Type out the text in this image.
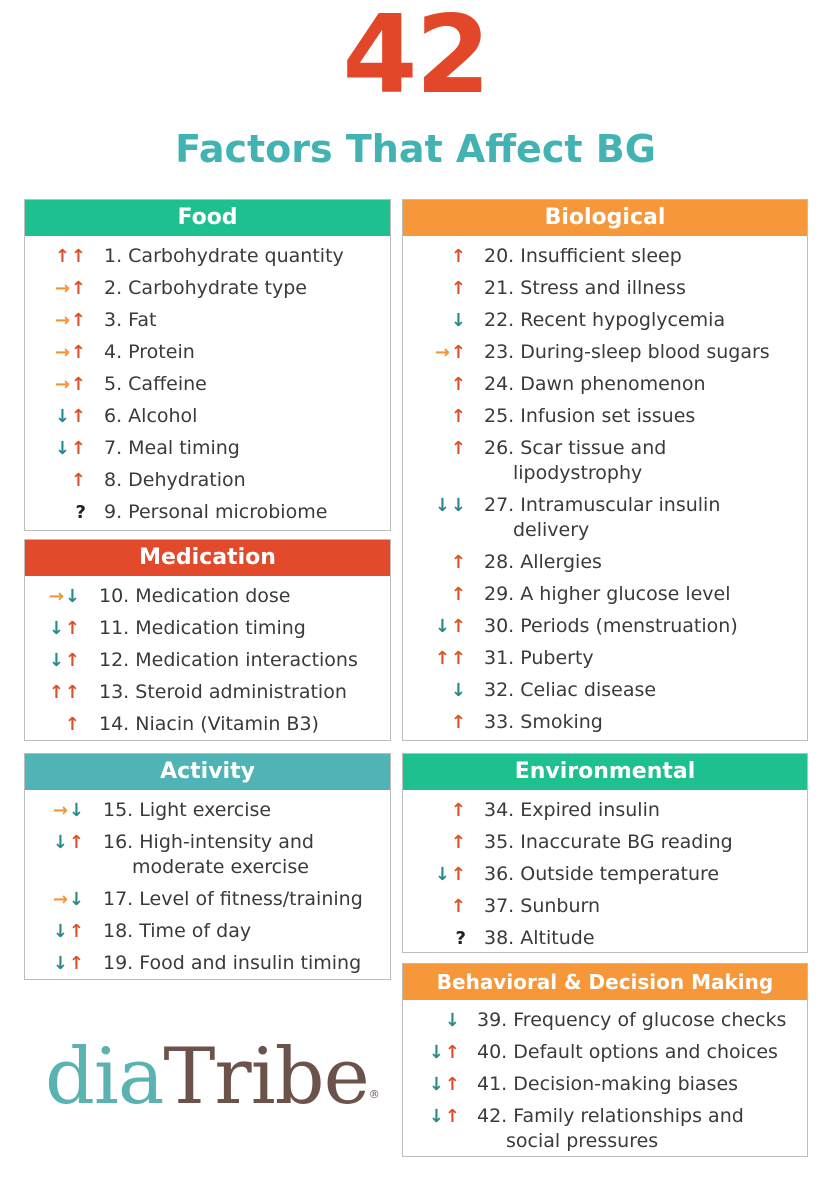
42
Factors That Affect BG
Food
↑↑ 1. Carbohydrate quantity
→↑ 2. Carbohydrate type
→↑ 3. Fat
→↑ 4. Protein
→↑ 5. Caffeine
↓↑ 6. Alcohol
↓↑ 7. Meal timing
↑ 8. Dehydration
? 9. Personal microbiome
Medication
→↓ 10. Medication dose
↓↑ 11. Medication timing
↓↑ 12. Medication interactions
↑↑ 13. Steroid administration
↑ 14. Niacin (Vitamin B3)
Activity
→↓ 15. Light exercise
↓↑ 16. High-intensity and
moderate exercise
→↓ 17. Level of fitness/training
↓↑ 18. Time of day
↓↑ 19. Food and insulin timing
Biological
↑ 20. Insufficient sleep
↑ 21. Stress and illness
↓ 22. Recent hypoglycemia
→↑ 23. During-sleep blood sugars
↑ 24. Dawn phenomenon
↑ 25. Infusion set issues
↑ 26. Scar tissue and
lipodystrophy
↓↓ 27. Intramuscular insulin
delivery
↑ 28. Allergies
↑ 29. A higher glucose level
↓↑ 30. Periods (menstruation)
↑↑ 31. Puberty
↓ 32. Celiac disease
↑ 33. Smoking
Environmental
↑ 34. Expired insulin
↑ 35. Inaccurate BG reading
↓↑ 36. Outside temperature
↑ 37. Sunburn
? 38. Altitude
Behavioral & Decision Making
↓ 39. Frequency of glucose checks
↓↑ 40. Default options and choices
↓↑ 41. Decision-making biases
↓↑ 42. Family relationships and
social pressures
diaTribe®
